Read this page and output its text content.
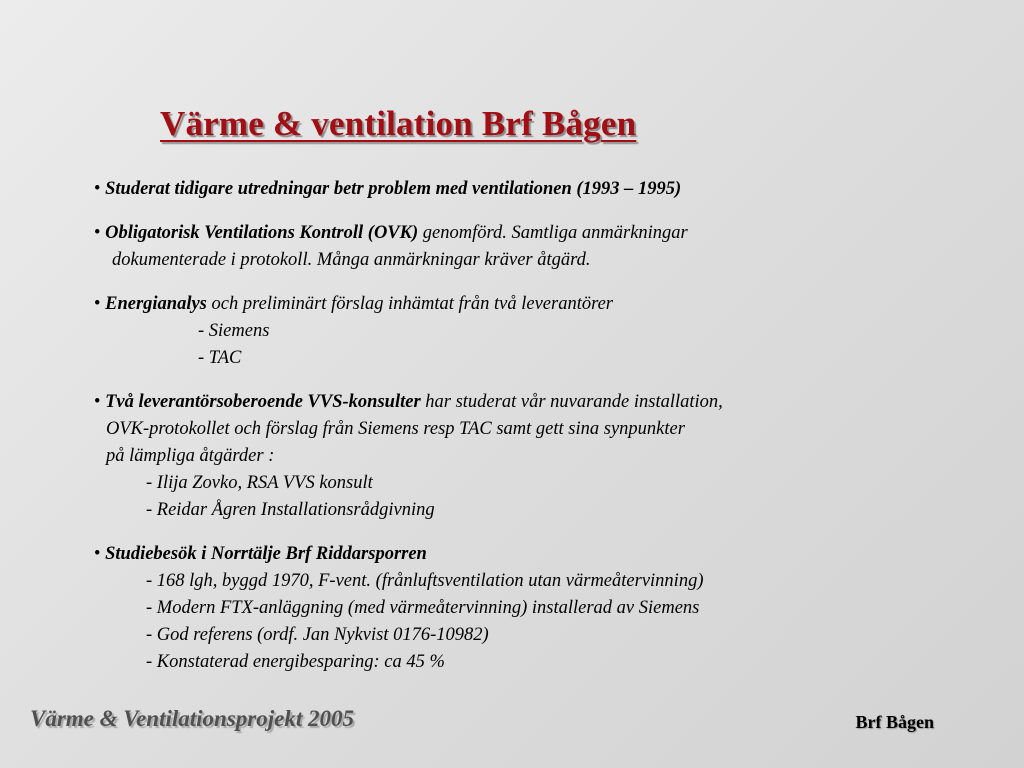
Värme & ventilation Brf Bågen
• Studerat tidigare utredningar betr problem med ventilationen (1993 – 1995)
• Obligatorisk Ventilations Kontroll (OVK) genomförd. Samtliga anmärkningar
dokumenterade i protokoll. Många anmärkningar kräver åtgärd.
• Energianalys och preliminärt förslag inhämtat från två leverantörer
- Siemens
- TAC
• Två leverantörsoberoende VVS-konsulter har studerat vår nuvarande installation,
OVK-protokollet och förslag från Siemens resp TAC samt gett sina synpunkter
på lämpliga åtgärder :
- Ilija Zovko, RSA VVS konsult
- Reidar Ågren Installationsrådgivning
• Studiebesök i Norrtälje Brf Riddarsporren
- 168 lgh, byggd 1970, F-vent. (frånluftsventilation utan värmeåtervinning)
- Modern FTX-anläggning (med värmeåtervinning) installerad av Siemens
- God referens (ordf. Jan Nykvist 0176-10982)
- Konstaterad energibesparing: ca 45 %
Värme & Ventilationsprojekt 2005	Brf Bågen
